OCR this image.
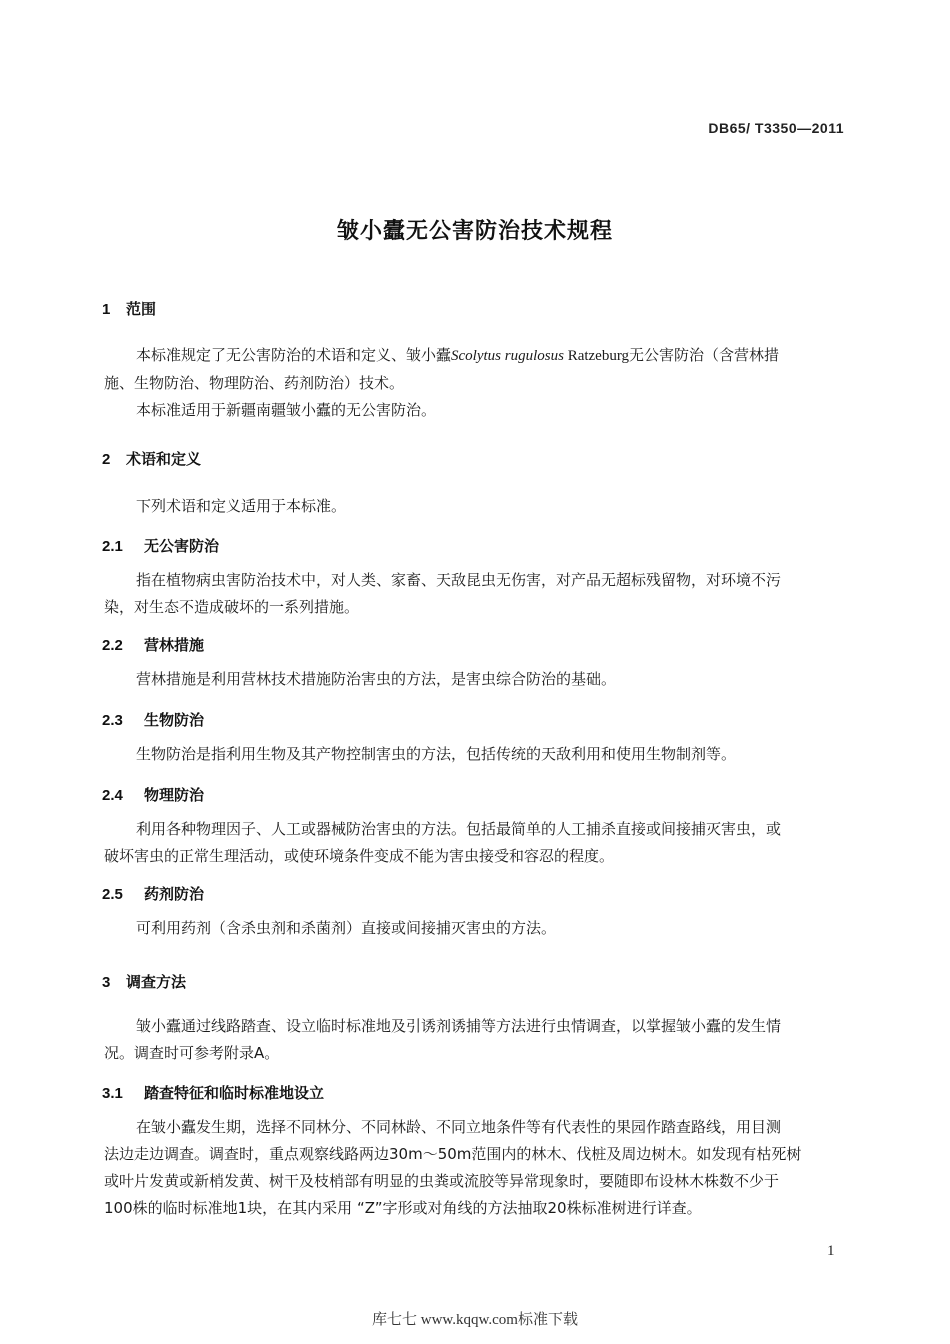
DB65/ T3350—2011
皱小蠹无公害防治技术规程
1 范围
本标准规定了无公害防治的术语和定义、皱小蠹Scolytus rugulosus Ratzeburg无公害防治（含营林措
施、生物防治、物理防治、药剂防治）技术。
本标准适用于新疆南疆皱小蠹的无公害防治。
2 术语和定义
下列术语和定义适用于本标准。
2.1 无公害防治
指在植物病虫害防治技术中，对人类、家畜、天敌昆虫无伤害，对产品无超标残留物，对环境不污
染，对生态不造成破坏的一系列措施。
2.2 营林措施
营林措施是利用营林技术措施防治害虫的方法，是害虫综合防治的基础。
2.3 生物防治
生物防治是指利用生物及其产物控制害虫的方法，包括传统的天敌利用和使用生物制剂等。
2.4 物理防治
利用各种物理因子、人工或器械防治害虫的方法。包括最简单的人工捕杀直接或间接捕灭害虫，或
破坏害虫的正常生理活动，或使环境条件变成不能为害虫接受和容忍的程度。
2.5 药剂防治
可利用药剂（含杀虫剂和杀菌剂）直接或间接捕灭害虫的方法。
3 调查方法
皱小蠹通过线路踏查、设立临时标准地及引诱剂诱捕等方法进行虫情调查，以掌握皱小蠹的发生情
况。调查时可参考附录A。
3.1 踏查特征和临时标准地设立
在皱小蠹发生期，选择不同林分、不同林龄、不同立地条件等有代表性的果园作踏查路线，用目测
法边走边调查。调查时，重点观察线路两边30m～50m范围内的林木、伐桩及周边树木。如发现有枯死树
或叶片发黄或新梢发黄、树干及枝梢部有明显的虫粪或流胶等异常现象时，要随即布设林木株数不少于
100株的临时标准地1块，在其内采用 “Z”字形或对角线的方法抽取20株标准树进行详查。
1
库七七 www.kqqw.com标准下载
